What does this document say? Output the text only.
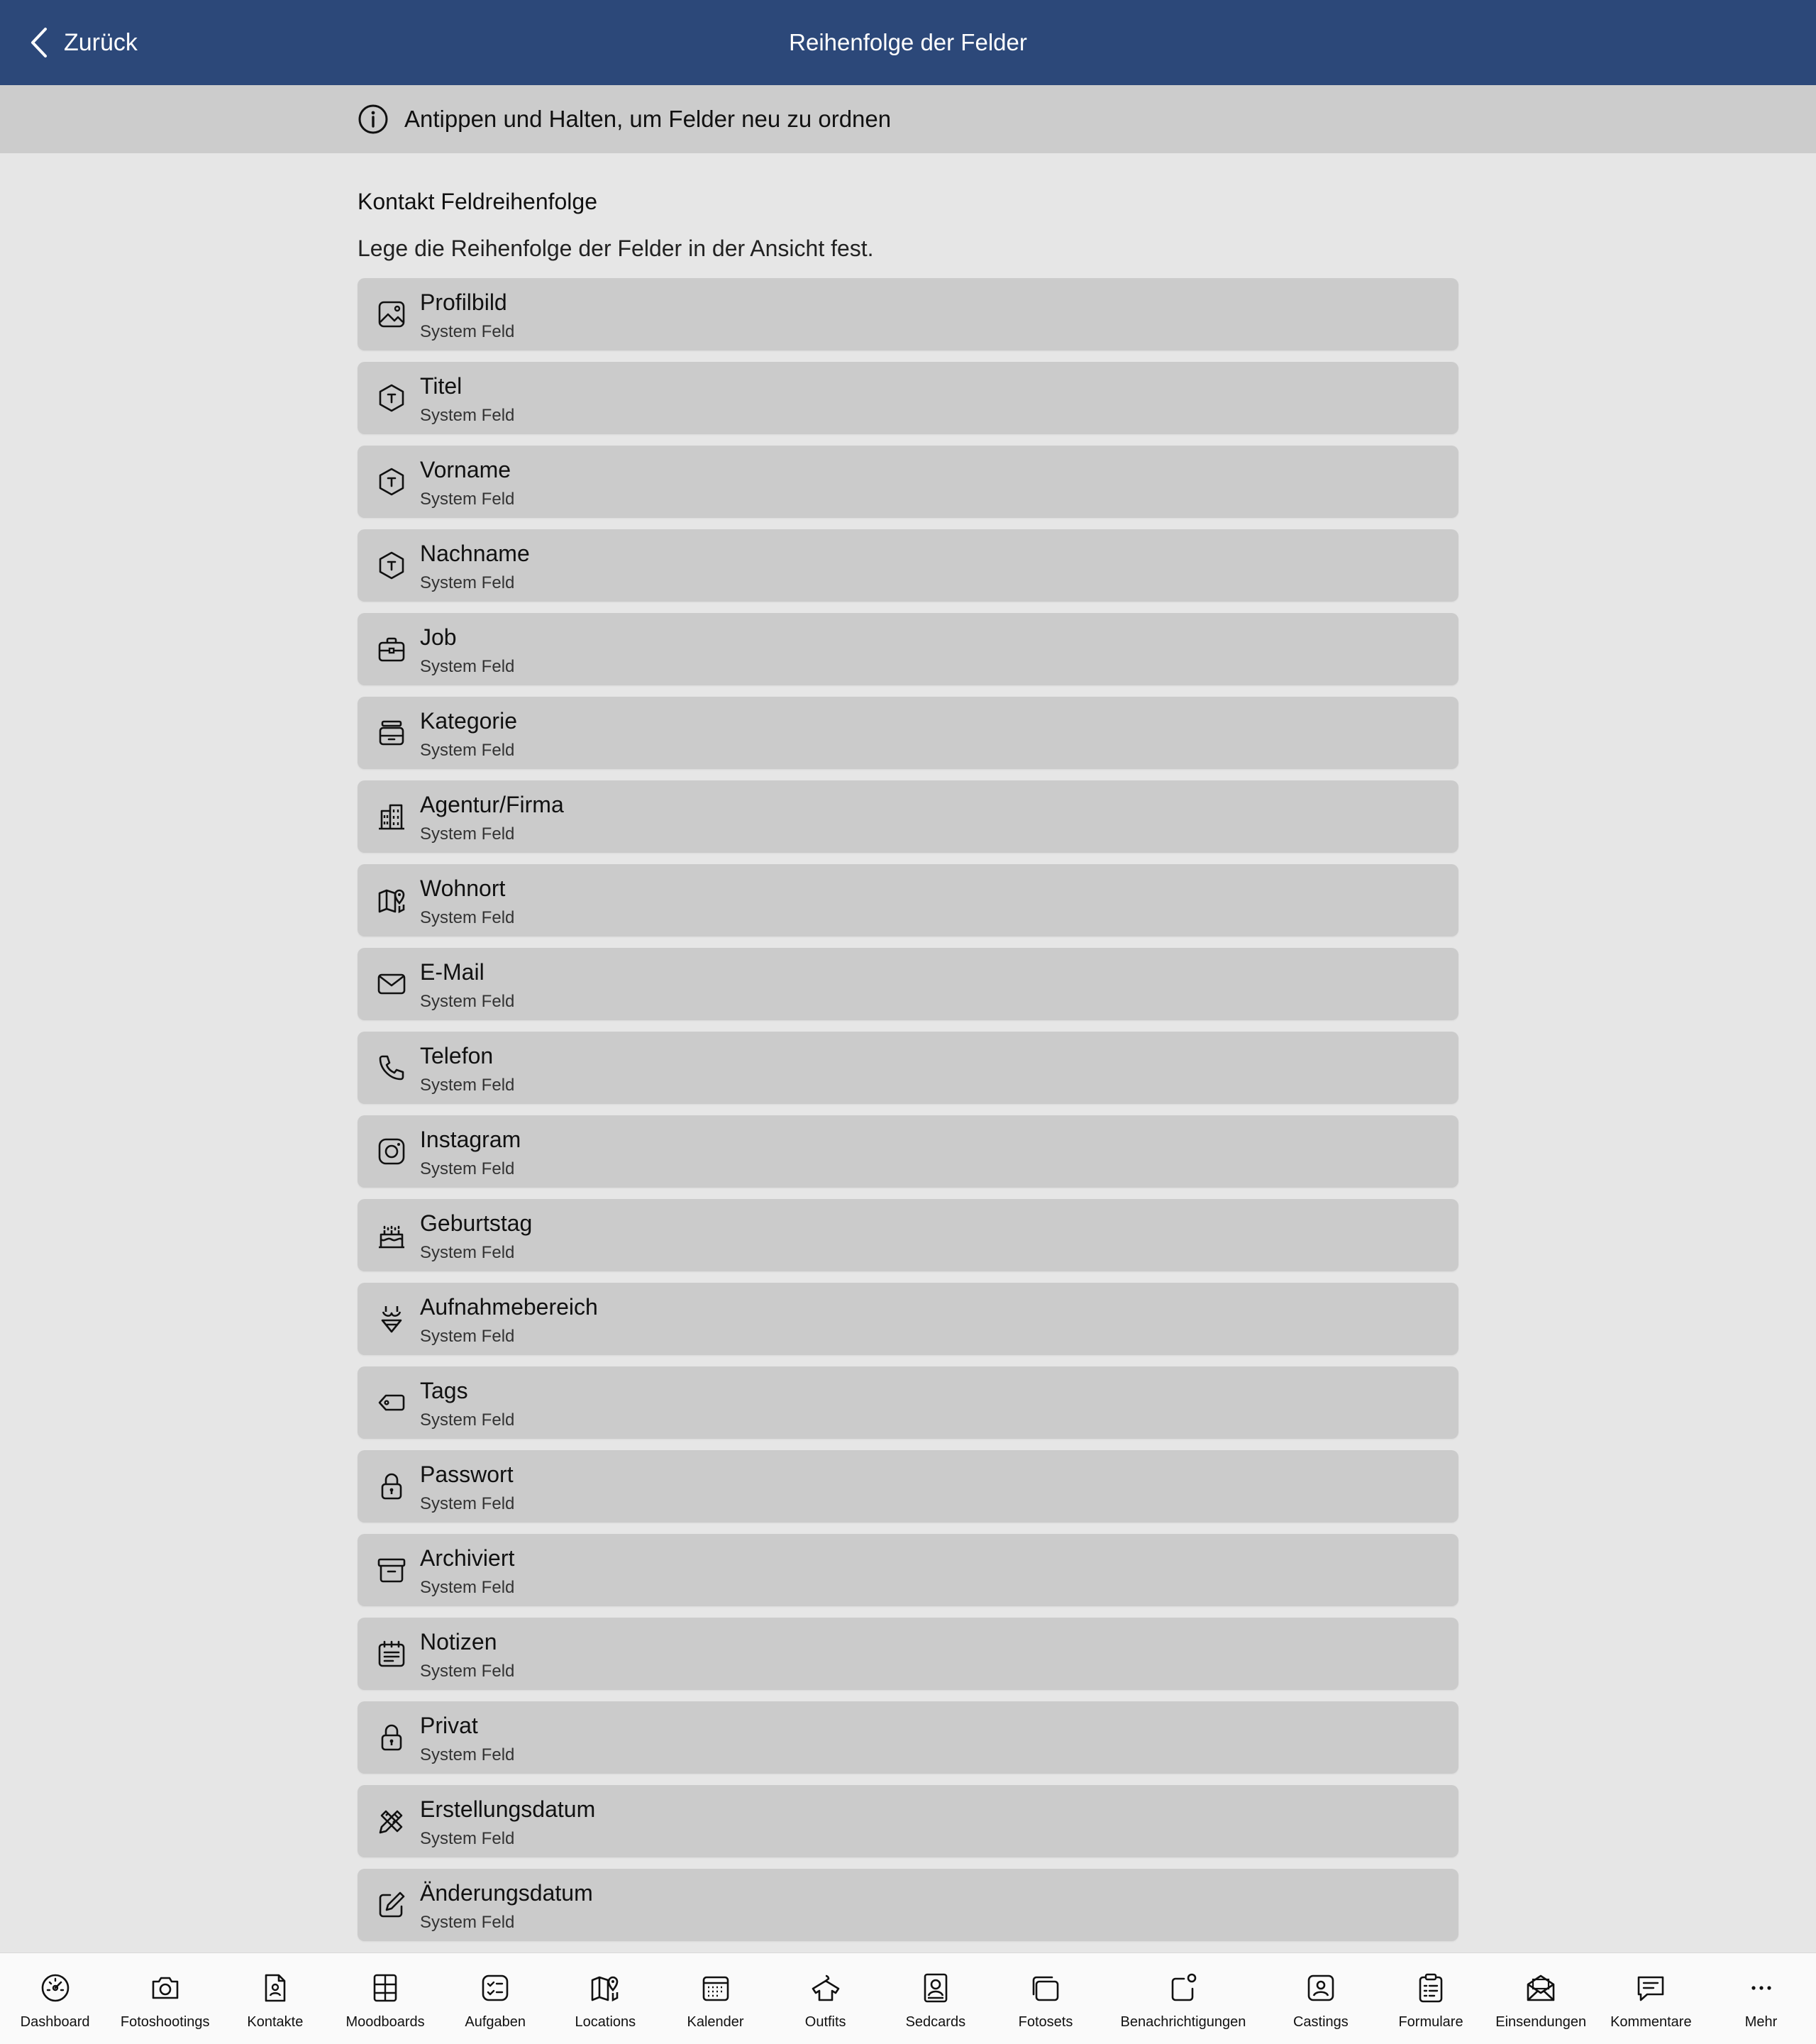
Zurück	Reihenfolge der Felder
Antippen und Halten, um Felder neu zu ordnen
Kontakt Feldreihenfolge
Lege die Reihenfolge der Felder in der Ansicht fest.
Profilbild
System Feld
Titel
System Feld
Vorname
System Feld
Nachname
System Feld
Job
System Feld
Kategorie
System Feld
Agentur/Firma
System Feld
Wohnort
System Feld
E-Mail
System Feld
Telefon
System Feld
Instagram
System Feld
Geburtstag
System Feld
Aufnahmebereich
System Feld
Tags
System Feld
Passwort
System Feld
Archiviert
System Feld
Notizen
System Feld
Privat
System Feld
Erstellungsdatum
System Feld
Änderungsdatum
System Feld
Dashboard Fotoshootings	Kontakte	Moodboards	Aufgaben	Locations	Kalender	Outfits	Sedcards	Fotosets	Benachrichtigungen	Castings	Formulare Einsendungen Kommentare	Mehr
